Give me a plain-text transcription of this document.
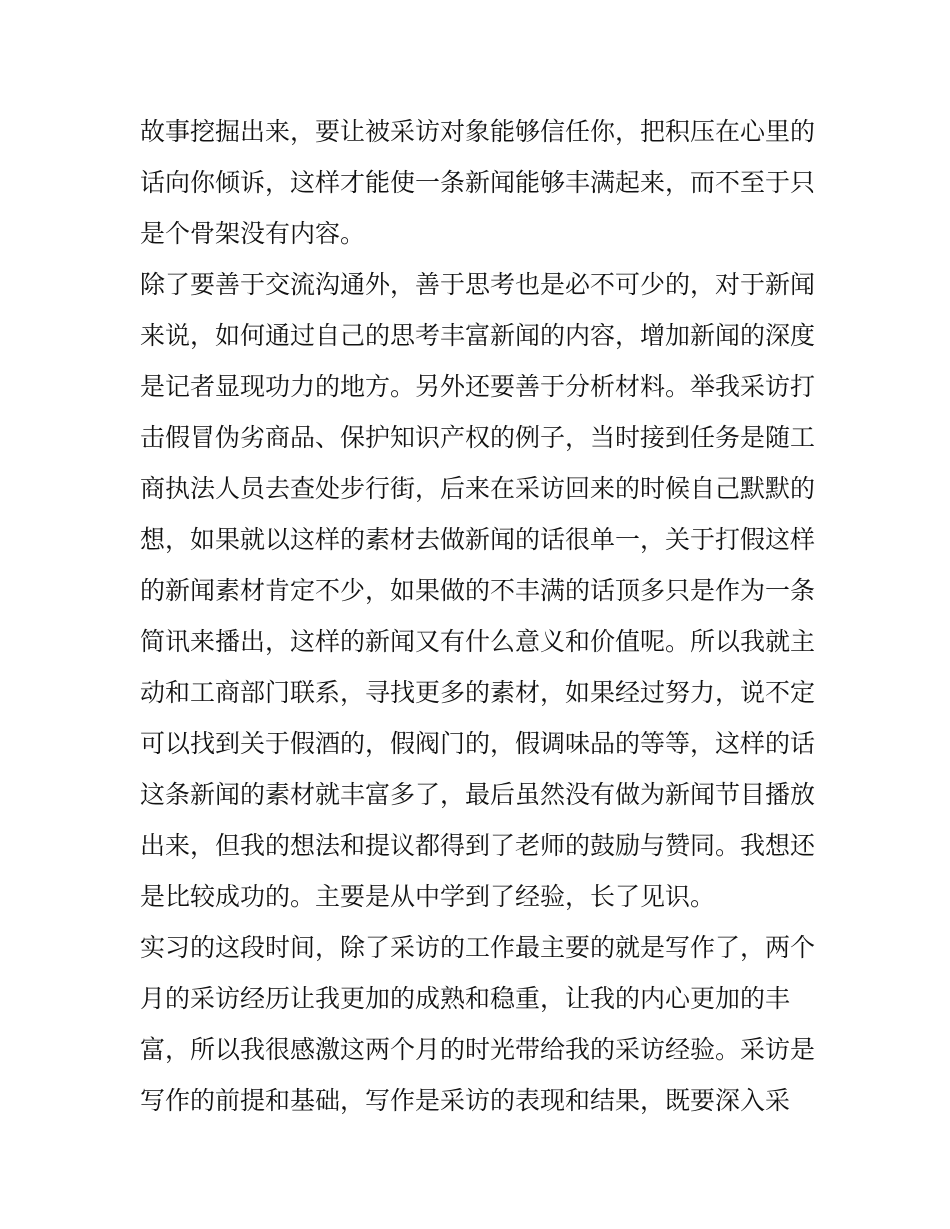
故事挖掘出来，要让被采访对象能够信任你，把积压在心里的
话向你倾诉，这样才能使一条新闻能够丰满起来，而不至于只
是个骨架没有内容。
除了要善于交流沟通外，善于思考也是必不可少的，对于新闻
来说，如何通过自己的思考丰富新闻的内容，增加新闻的深度
是记者显现功力的地方。另外还要善于分析材料。举我采访打
击假冒伪劣商品、保护知识产权的例子，当时接到任务是随工
商执法人员去查处步行街，后来在采访回来的时候自己默默的
想，如果就以这样的素材去做新闻的话很单一，关于打假这样
的新闻素材肯定不少，如果做的不丰满的话顶多只是作为一条
简讯来播出，这样的新闻又有什么意义和价值呢。所以我就主
动和工商部门联系，寻找更多的素材，如果经过努力，说不定
可以找到关于假酒的，假阀门的，假调味品的等等，这样的话
这条新闻的素材就丰富多了，最后虽然没有做为新闻节目播放
出来，但我的想法和提议都得到了老师的鼓励与赞同。我想还
是比较成功的。主要是从中学到了经验，长了见识。
实习的这段时间，除了采访的工作最主要的就是写作了，两个
月的采访经历让我更加的成熟和稳重，让我的内心更加的丰
富，所以我很感激这两个月的时光带给我的采访经验。采访是
写作的前提和基础，写作是采访的表现和结果，既要深入采
